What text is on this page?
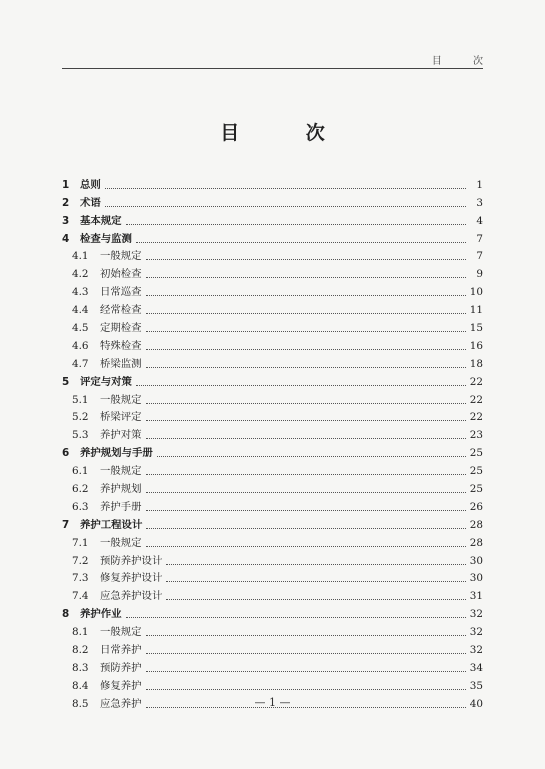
目 次
目 次
1	总则	1
2	术语	3
3	基本规定	4
4	检查与监测	7
4.1	一般规定	7
4.2	初始检查	9
4.3	日常巡查	10
4.4	经常检查	11
4.5	定期检查	15
4.6	特殊检查	16
4.7	桥梁监测	18
5	评定与对策	22
5.1	一般规定	22
5.2	桥梁评定	22
5.3	养护对策	23
6	养护规划与手册	25
6.1	一般规定	25
6.2	养护规划	25
6.3	养护手册	26
7	养护工程设计	28
7.1	一般规定	28
7.2	预防养护设计	30
7.3	修复养护设计	30
7.4	应急养护设计	31
8	养护作业	32
8.1	一般规定	32
8.2	日常养护	32
8.3	预防养护	34
8.4	修复养护	35
8.5	应急养护	40
— 1 —
